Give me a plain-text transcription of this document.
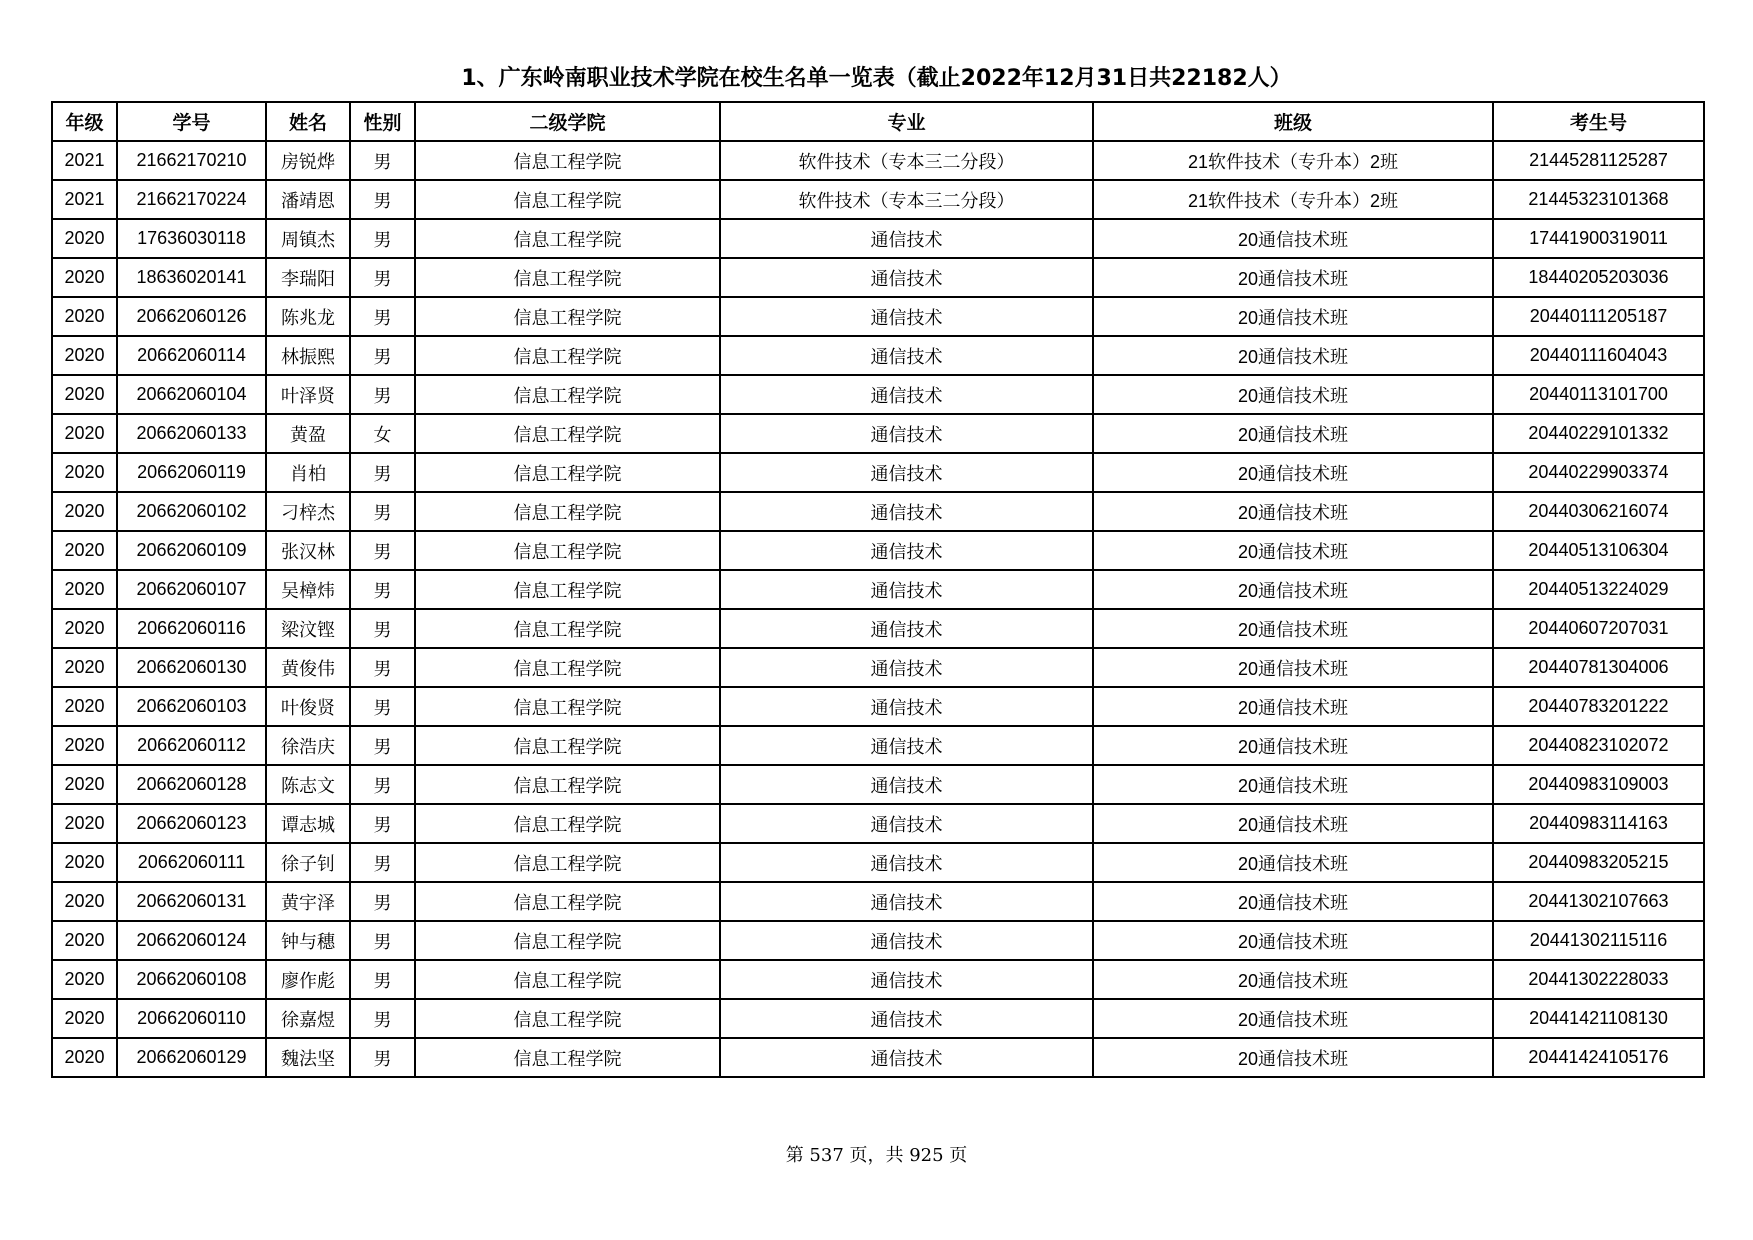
1、广东岭南职业技术学院在校生名单一览表（截止2022年12月31日共22182人）
年级	学号	姓名	性别	二级学院	专业	班级	考生号
2021	21662170210	房锐烨	男	信息工程学院	软件技术（专本三二分段）	21软件技术（专升本）2班	21445281125287
2021	21662170224	潘靖恩	男	信息工程学院	软件技术（专本三二分段）	21软件技术（专升本）2班	21445323101368
2020	17636030118	周镇杰	男	信息工程学院	通信技术	20通信技术班	17441900319011
2020	18636020141	李瑞阳	男	信息工程学院	通信技术	20通信技术班	18440205203036
2020	20662060126	陈兆龙	男	信息工程学院	通信技术	20通信技术班	20440111205187
2020	20662060114	林振熙	男	信息工程学院	通信技术	20通信技术班	20440111604043
2020	20662060104	叶泽贤	男	信息工程学院	通信技术	20通信技术班	20440113101700
2020	20662060133	黄盈	女	信息工程学院	通信技术	20通信技术班	20440229101332
2020	20662060119	肖柏	男	信息工程学院	通信技术	20通信技术班	20440229903374
2020	20662060102	刁梓杰	男	信息工程学院	通信技术	20通信技术班	20440306216074
2020	20662060109	张汉林	男	信息工程学院	通信技术	20通信技术班	20440513106304
2020	20662060107	吴樟炜	男	信息工程学院	通信技术	20通信技术班	20440513224029
2020	20662060116	梁汶铿	男	信息工程学院	通信技术	20通信技术班	20440607207031
2020	20662060130	黄俊伟	男	信息工程学院	通信技术	20通信技术班	20440781304006
2020	20662060103	叶俊贤	男	信息工程学院	通信技术	20通信技术班	20440783201222
2020	20662060112	徐浩庆	男	信息工程学院	通信技术	20通信技术班	20440823102072
2020	20662060128	陈志文	男	信息工程学院	通信技术	20通信技术班	20440983109003
2020	20662060123	谭志城	男	信息工程学院	通信技术	20通信技术班	20440983114163
2020	20662060111	徐子钊	男	信息工程学院	通信技术	20通信技术班	20440983205215
2020	20662060131	黄宇泽	男	信息工程学院	通信技术	20通信技术班	20441302107663
2020	20662060124	钟与穗	男	信息工程学院	通信技术	20通信技术班	20441302115116
2020	20662060108	廖作彪	男	信息工程学院	通信技术	20通信技术班	20441302228033
2020	20662060110	徐嘉煜	男	信息工程学院	通信技术	20通信技术班	20441421108130
2020	20662060129	魏法坚	男	信息工程学院	通信技术	20通信技术班	20441424105176
第 537 页，共 925 页
